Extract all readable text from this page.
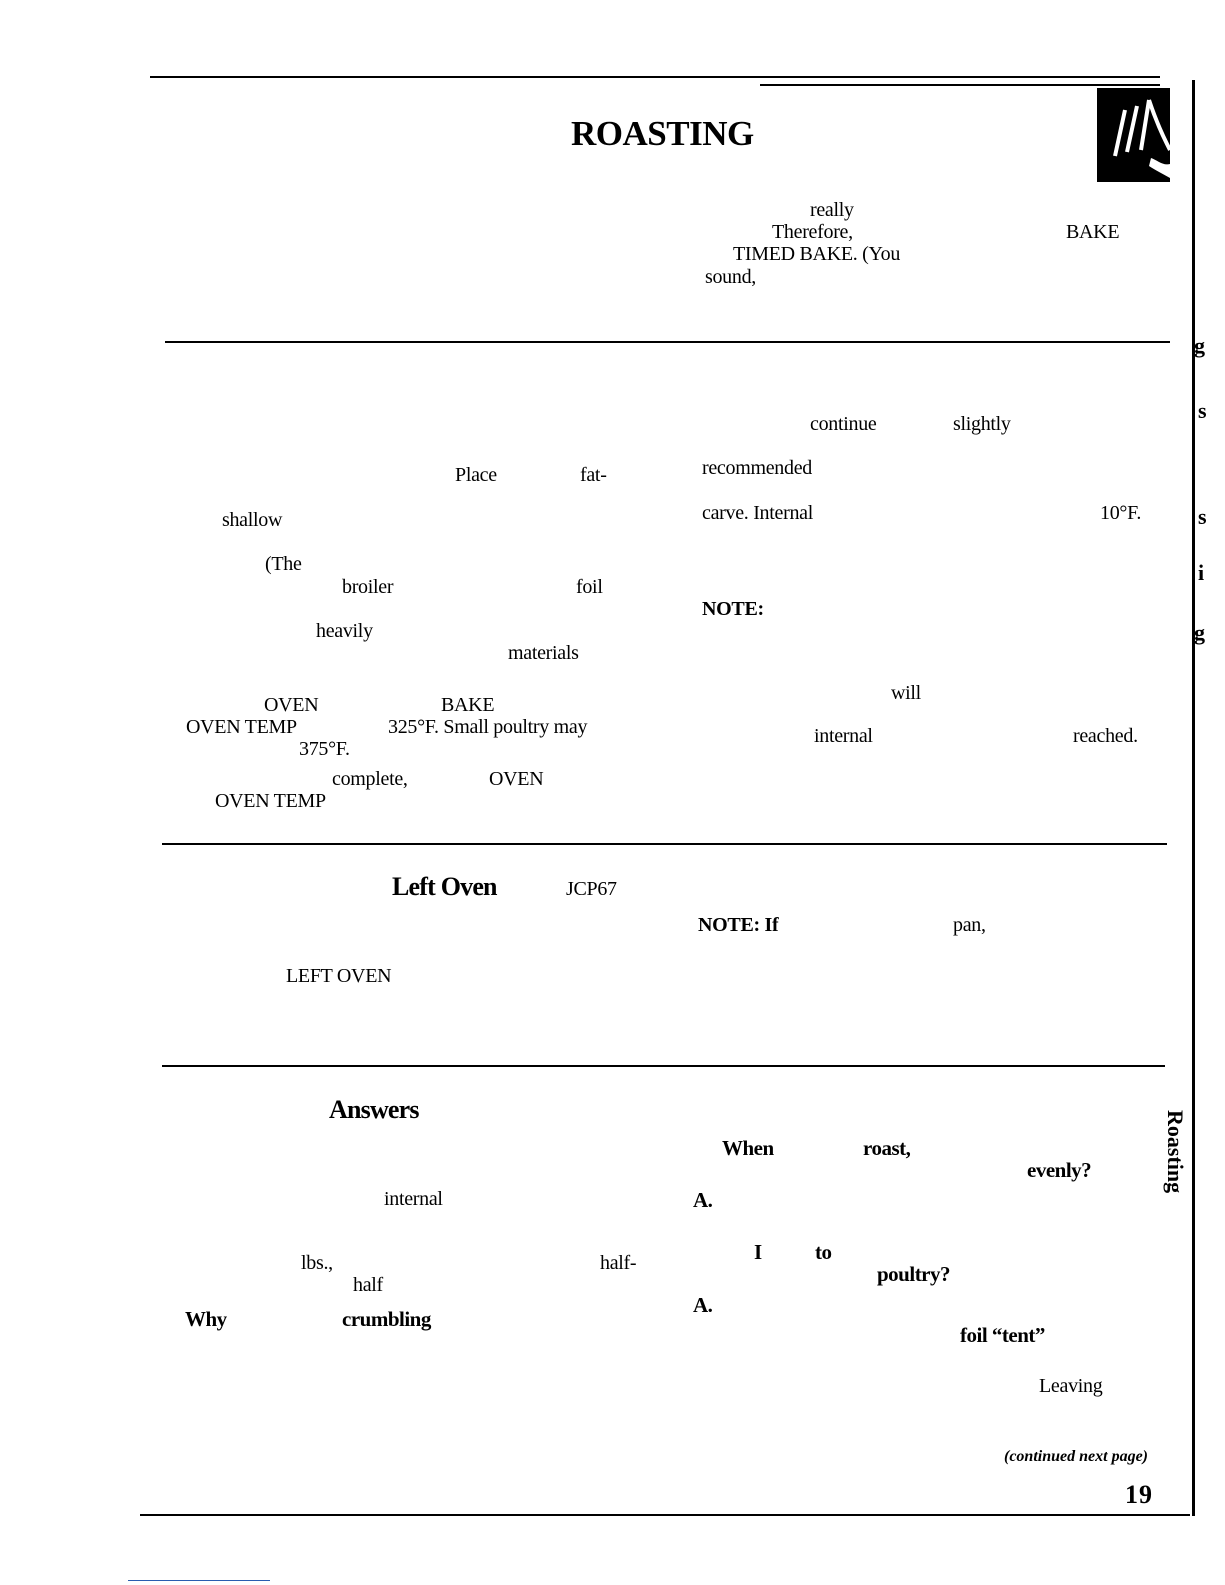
ROASTING
really
Therefore,	BAKE
TIMED BAKE. (You
sound,
Place	fat-
shallow
(The
broiler	foil
heavily
materials
OVEN	BAKE
OVEN TEMP	325°F. Small poultry may
375°F.
complete,	OVEN
OVEN TEMP
continue	slightly
recommended
carve. Internal	10°F.
NOTE:
will
internal	reached.
Left Oven	JCP67
LEFT OVEN
NOTE: If	pan,
Answers
internal
lbs.,	half-
half
Why	crumbling
When	roast,
evenly?
A.
I	to
poultry?
A.
foil “tent”
Leaving
(continued next page)
19
g
s
s
i
g
Roasting
